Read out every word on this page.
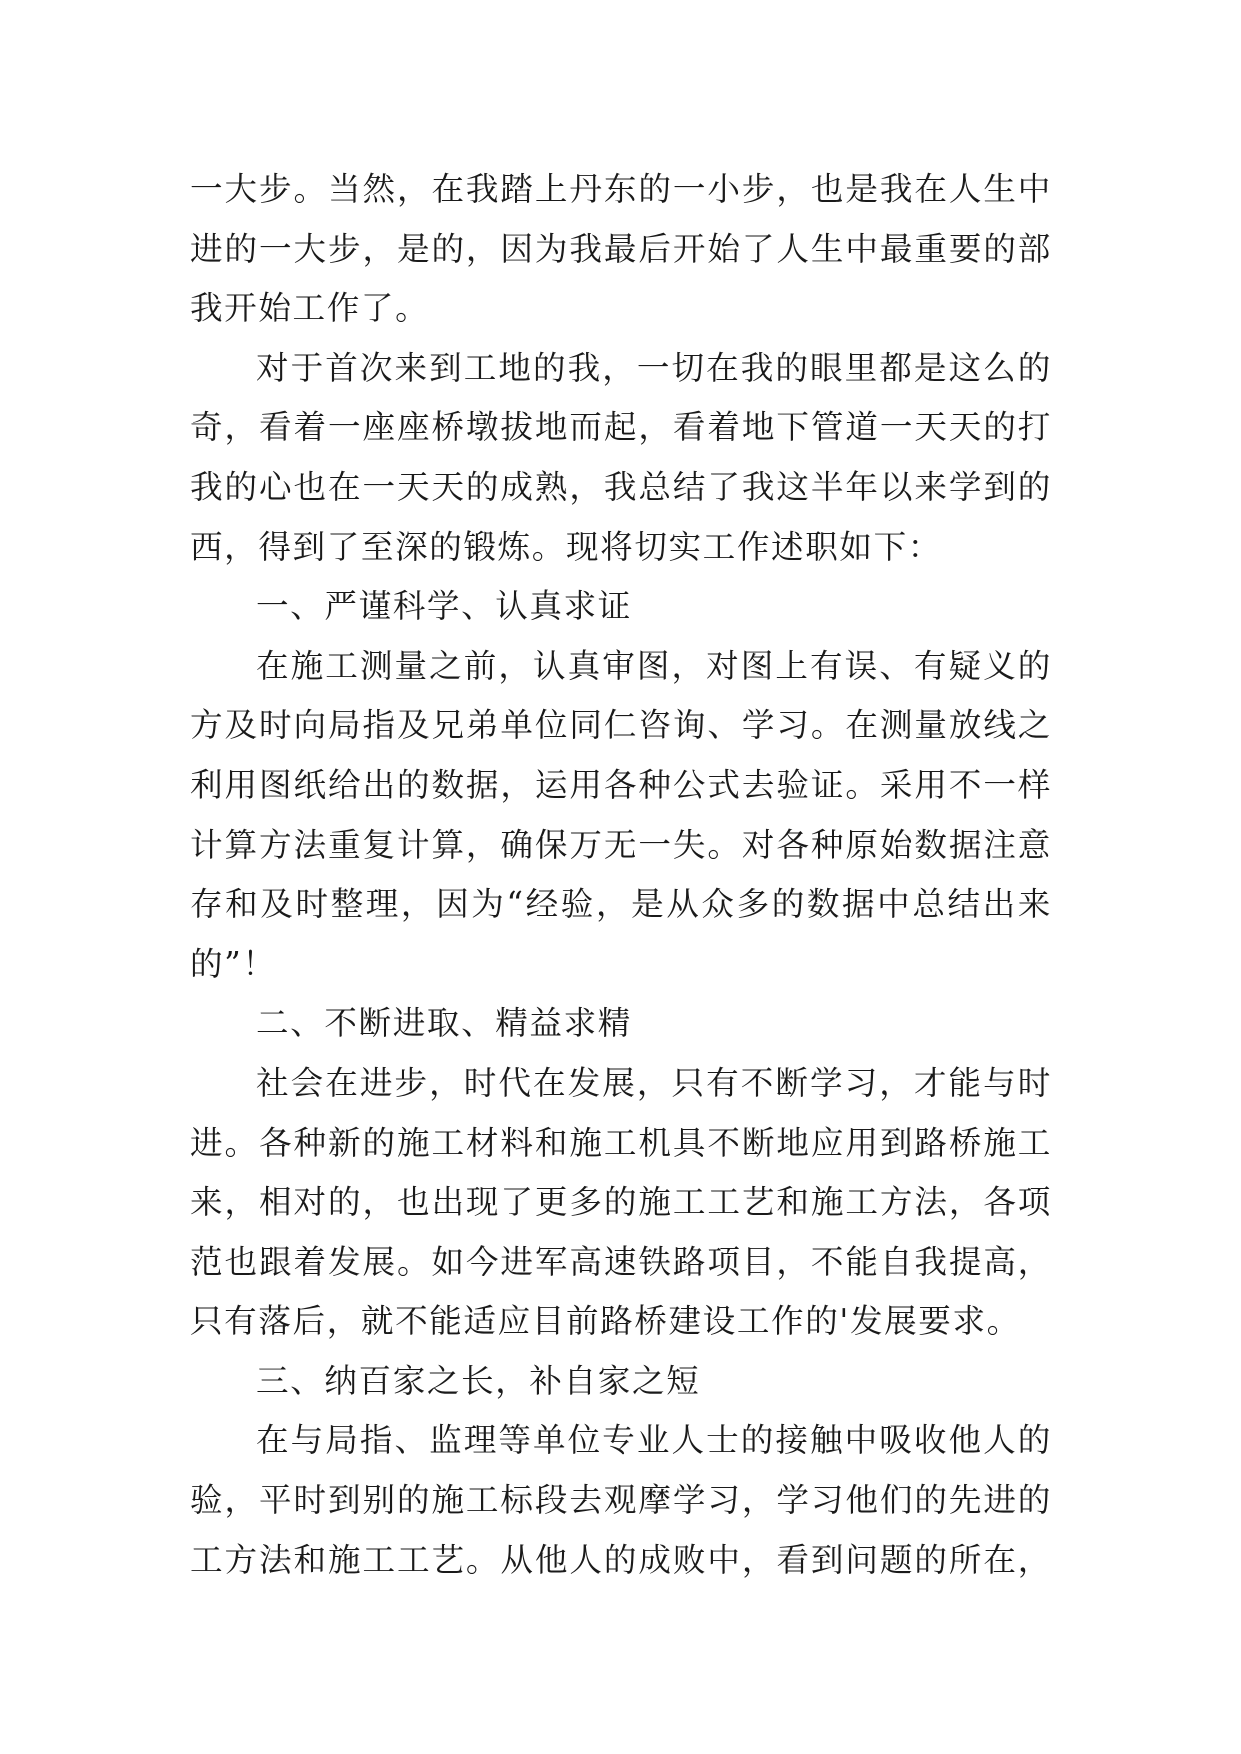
一大步。当然，在我踏上丹东的一小步，也是我在人生中
进的一大步，是的，因为我最后开始了人生中最重要的部
我开始工作了。
对于首次来到工地的我，一切在我的眼里都是这么的
奇，看着一座座桥墩拔地而起，看着地下管道一天天的打
我的心也在一天天的成熟，我总结了我这半年以来学到的
西，得到了至深的锻炼。现将切实工作述职如下：
一、严谨科学、认真求证
在施工测量之前，认真审图，对图上有误、有疑义的
方及时向局指及兄弟单位同仁咨询、学习。在测量放线之
利用图纸给出的数据，运用各种公式去验证。采用不一样
计算方法重复计算，确保万无一失。对各种原始数据注意
存和及时整理，因为“经验，是从众多的数据中总结出来
的”！
二、不断进取、精益求精
社会在进步，时代在发展，只有不断学习，才能与时
进。各种新的施工材料和施工机具不断地应用到路桥施工
来，相对的，也出现了更多的施工工艺和施工方法，各项
范也跟着发展。如今进军高速铁路项目，不能自我提高，
只有落后，就不能适应目前路桥建设工作的'发展要求。
三、纳百家之长，补自家之短
在与局指、监理等单位专业人士的接触中吸收他人的
验，平时到别的施工标段去观摩学习，学习他们的先进的
工方法和施工工艺。从他人的成败中，看到问题的所在，
